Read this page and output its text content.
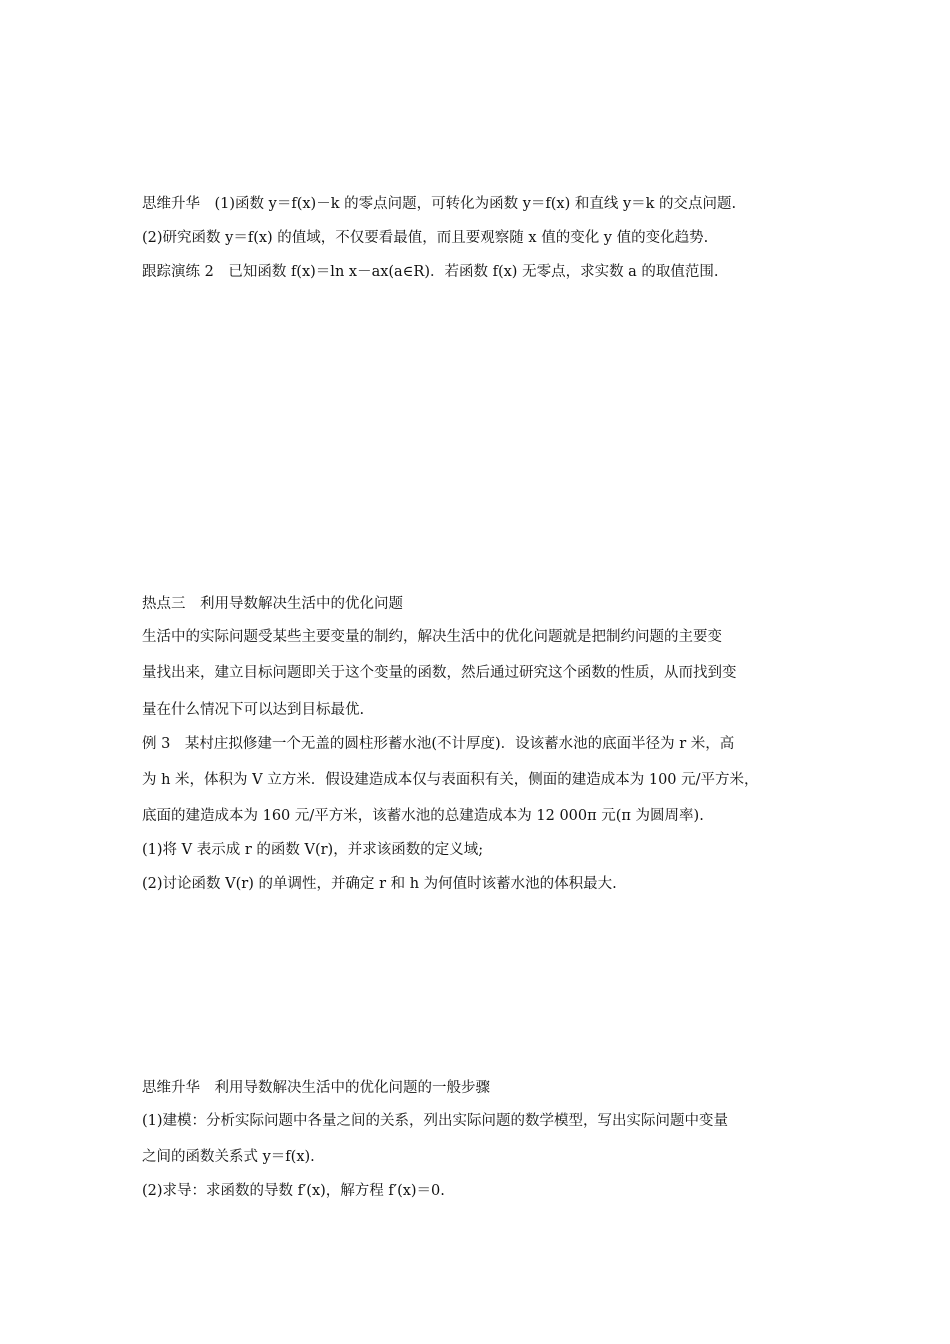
思维升华　(1)函数 y＝f(x)－k 的零点问题，可转化为函数 y＝f(x) 和直线 y＝k 的交点问题.
(2)研究函数 y＝f(x) 的值域，不仅要看最值，而且要观察随 x 值的变化 y 值的变化趋势.
跟踪演练 2　已知函数 f(x)＝ln x－ax(a∈R)．若函数 f(x) 无零点，求实数 a 的取值范围.
热点三　利用导数解决生活中的优化问题
生活中的实际问题受某些主要变量的制约，解决生活中的优化问题就是把制约问题的主要变
量找出来，建立目标问题即关于这个变量的函数，然后通过研究这个函数的性质，从而找到变
量在什么情况下可以达到目标最优.
例 3　某村庄拟修建一个无盖的圆柱形蓄水池(不计厚度)．设该蓄水池的底面半径为 r 米，高
为 h 米，体积为 V 立方米．假设建造成本仅与表面积有关，侧面的建造成本为 100 元/平方米，
底面的建造成本为 160 元/平方米，该蓄水池的总建造成本为 12 000π 元(π 为圆周率).
(1)将 V 表示成 r 的函数 V(r)，并求该函数的定义域;
(2)讨论函数 V(r) 的单调性，并确定 r 和 h 为何值时该蓄水池的体积最大.
思维升华　利用导数解决生活中的优化问题的一般步骤
(1)建模：分析实际问题中各量之间的关系，列出实际问题的数学模型，写出实际问题中变量
之间的函数关系式 y＝f(x).
(2)求导：求函数的导数 f′(x)，解方程 f′(x)＝0.
